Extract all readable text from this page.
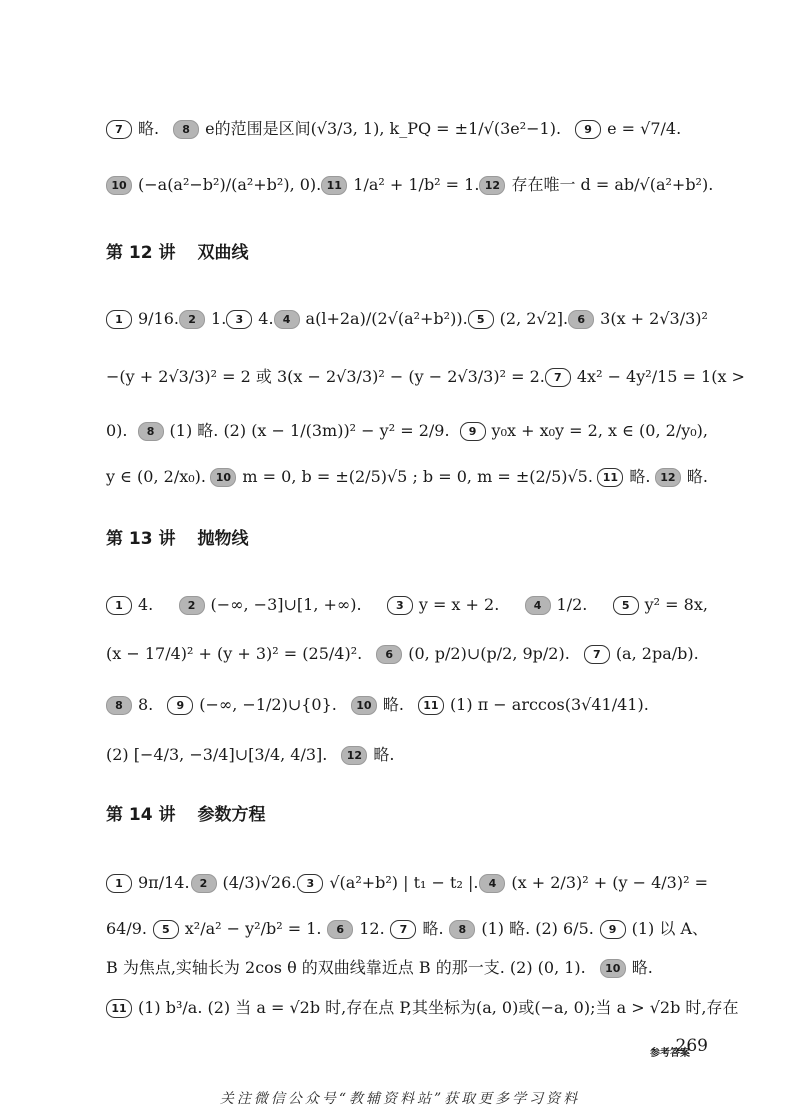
7 略.	8 e的范围是区间(√3/3, 1), k_PQ = ±1/√(3e²−1).	9 e = √7/4.
10 (−a(a²−b²)/(a²+b²), 0). 11 1/a² + 1/b² = 1. 12 存在唯一 d = ab/√(a²+b²).
第 12 讲 双曲线
第 13 讲 抛物线
第 14 讲 参数方程
1 9/16. 2 1. 3 4. 4 a(l+2a)/(2√(a²+b²)). 5 (2, 2√2]. 6 3(x + 2√3/3)²
−(y + 2√3/3)² = 2 或 3(x − 2√3/3)² − (y − 2√3/3)² = 2. 7 4x² − 4y²/15 = 1(x >
0).	8 (1) 略. (2) (x − 1/(3m))² − y² = 2/9.	9 y₀x + x₀y = 2, x ∈ (0, 2/y₀),
y ∈ (0, 2/x₀). 10 m = 0, b = ±(2/5)√5 ; b = 0, m = ±(2/5)√5. 11 略. 12 略.
1 4.	2 (−∞, −3]∪[1, +∞).	3 y = x + 2.	4 1/2.	5 y² = 8x,
(x − 17/4)² + (y + 3)² = (25/4)².	6 (0, p/2)∪(p/2, 9p/2).	7 (a, 2pa/b).
8 8.	9 (−∞, −1/2)∪{0}.	10 略.	11 (1) π − arccos(3√41/41).
(2) [−4/3, −3/4]∪[3/4, 4/3].	12 略.
1 9π/14. 2 (4/3)√26. 3 √(a²+b²) | t₁ − t₂ |. 4 (x + 2/3)² + (y − 4/3)² =
64/9.	5 x²/a² − y²/b² = 1.	6 12.	7 略.	8 (1) 略. (2) 6/5.	9 (1) 以 A、
B 为焦点,实轴长为 2cos θ 的双曲线靠近点 B 的那一支. (2) (0, 1).	10 略.
11 (1) b³/a. (2) 当 a = √2b 时,存在点 P,其坐标为(a, 0)或(−a, 0);当 a > √2b 时,存在
参考答案
269
关注微信公众号“教辅资料站”获取更多学习资料
